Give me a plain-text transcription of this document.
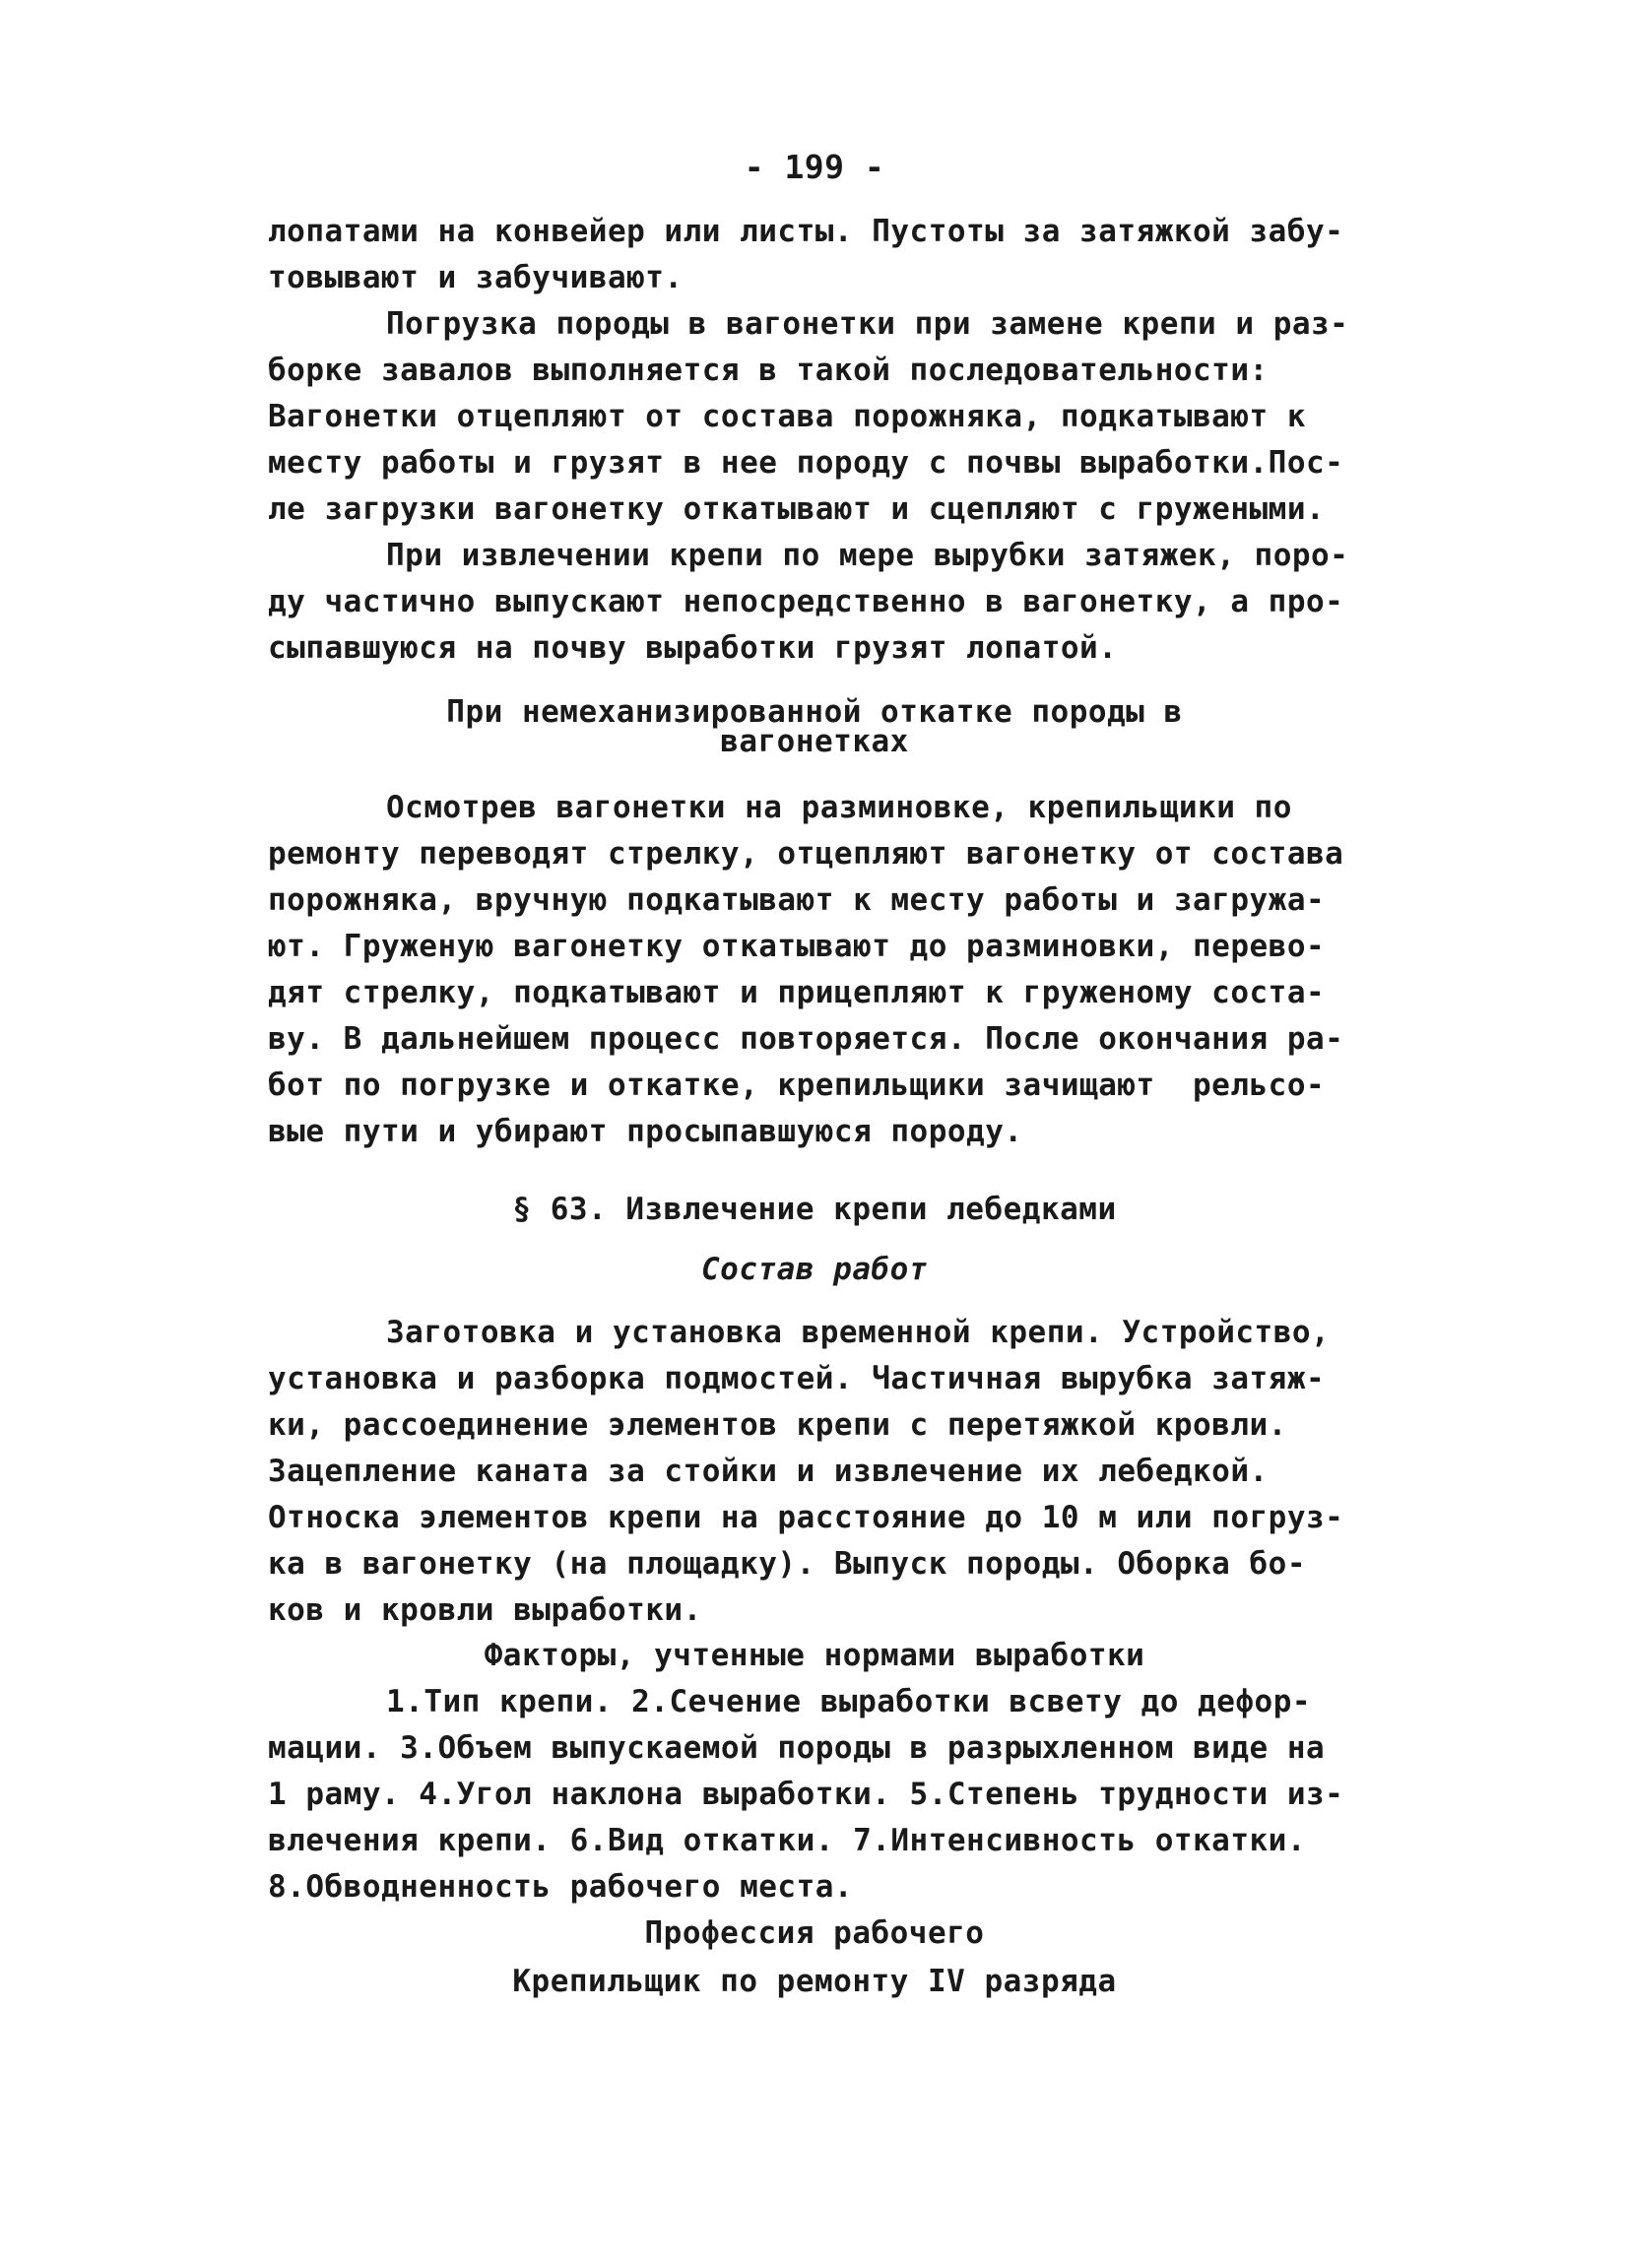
- 199 -
лопатами на конвейер или листы. Пустоты за затяжкой забу-
товывают и забучивают.
Погрузка породы в вагонетки при замене крепи и раз-
борке завалов выполняется в такой последовательности:
Вагонетки отцепляют от состава порожняка, подкатывают к
месту работы и грузят в нее породу с почвы выработки.Пос-
ле загрузки вагонетку откатывают и сцепляют с гружеными.
При извлечении крепи по мере вырубки затяжек, поро-
ду частично выпускают непосредственно в вагонетку, а про-
сыпавшуюся на почву выработки грузят лопатой.
При немеханизированной откатке породы в
вагонетках
Осмотрев вагонетки на разминовке, крепильщики по
ремонту переводят стрелку, отцепляют вагонетку от состава
порожняка, вручную подкатывают к месту работы и загружа-
ют. Груженую вагонетку откатывают до разминовки, перево-
дят стрелку, подкатывают и прицепляют к груженому соста-
ву. В дальнейшем процесс повторяется. После окончания ра-
бот по погрузке и откатке, крепильщики зачищают  рельсо-
вые пути и убирают просыпавшуюся породу.
§ 63. Извлечение крепи лебедками
Состав работ
Заготовка и установка временной крепи. Устройство,
установка и разборка подмостей. Частичная вырубка затяж-
ки, рассоединение элементов крепи с перетяжкой кровли.
Зацепление каната за стойки и извлечение их лебедкой.
Относка элементов крепи на расстояние до 10 м или погруз-
ка в вагонетку (на площадку). Выпуск породы. Оборка бо-
ков и кровли выработки.
Факторы, учтенные нормами выработки
1.Тип крепи. 2.Сечение выработки всвету до дефор-
мации. 3.Объем выпускаемой породы в разрыхленном виде на
1 раму. 4.Угол наклона выработки. 5.Степень трудности из-
влечения крепи. 6.Вид откатки. 7.Интенсивность откатки.
8.Обводненность рабочего места.
Профессия рабочего
Крепильщик по ремонту IV разряда
